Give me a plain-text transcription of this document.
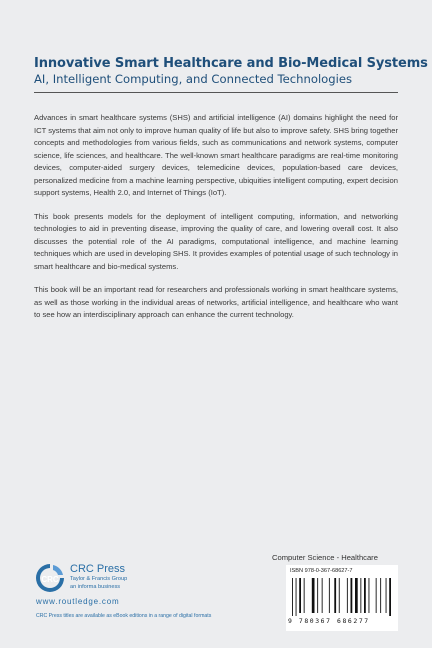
Innovative Smart Healthcare and Bio-Medical Systems
AI, Intelligent Computing, and Connected Technologies

Advances in smart healthcare systems (SHS) and artificial intelligence (AI) domains highlight the need for ICT systems that aim not only to improve human quality of life but also to improve safety. SHS bring together concepts and methodologies from various fields, such as communications and network systems, computer science, life sciences, and healthcare. The well-known smart healthcare paradigms are real-time monitoring devices, computer-aided surgery devices, telemedicine devices, population-based care devices, personalized medicine from a machine learning perspective, ubiquities intelligent computing, expert decision support systems, Health 2.0, and Internet of Things (IoT).

This book presents models for the deployment of intelligent computing, information, and networking technologies to aid in preventing disease, improving the quality of care, and lowering overall cost. It also discusses the potential role of the AI paradigms, computational intelligence, and machine learning techniques which are used in developing SHS. It provides examples of potential usage of such technology in smart healthcare and bio-medical systems.

This book will be an important read for researchers and professionals working in smart healthcare systems, as well as those working in the individual areas of networks, artificial intelligence, and healthcare who want to see how an interdisciplinary approach can enhance the current technology.

CRC
CRC Press
Taylor & Francis Group
an informa business
www.routledge.com
CRC Press titles are available as eBook editions in a range of digital formats
Computer Science - Healthcare
ISBN 978-0-367-68627-7
9 780367 686277
